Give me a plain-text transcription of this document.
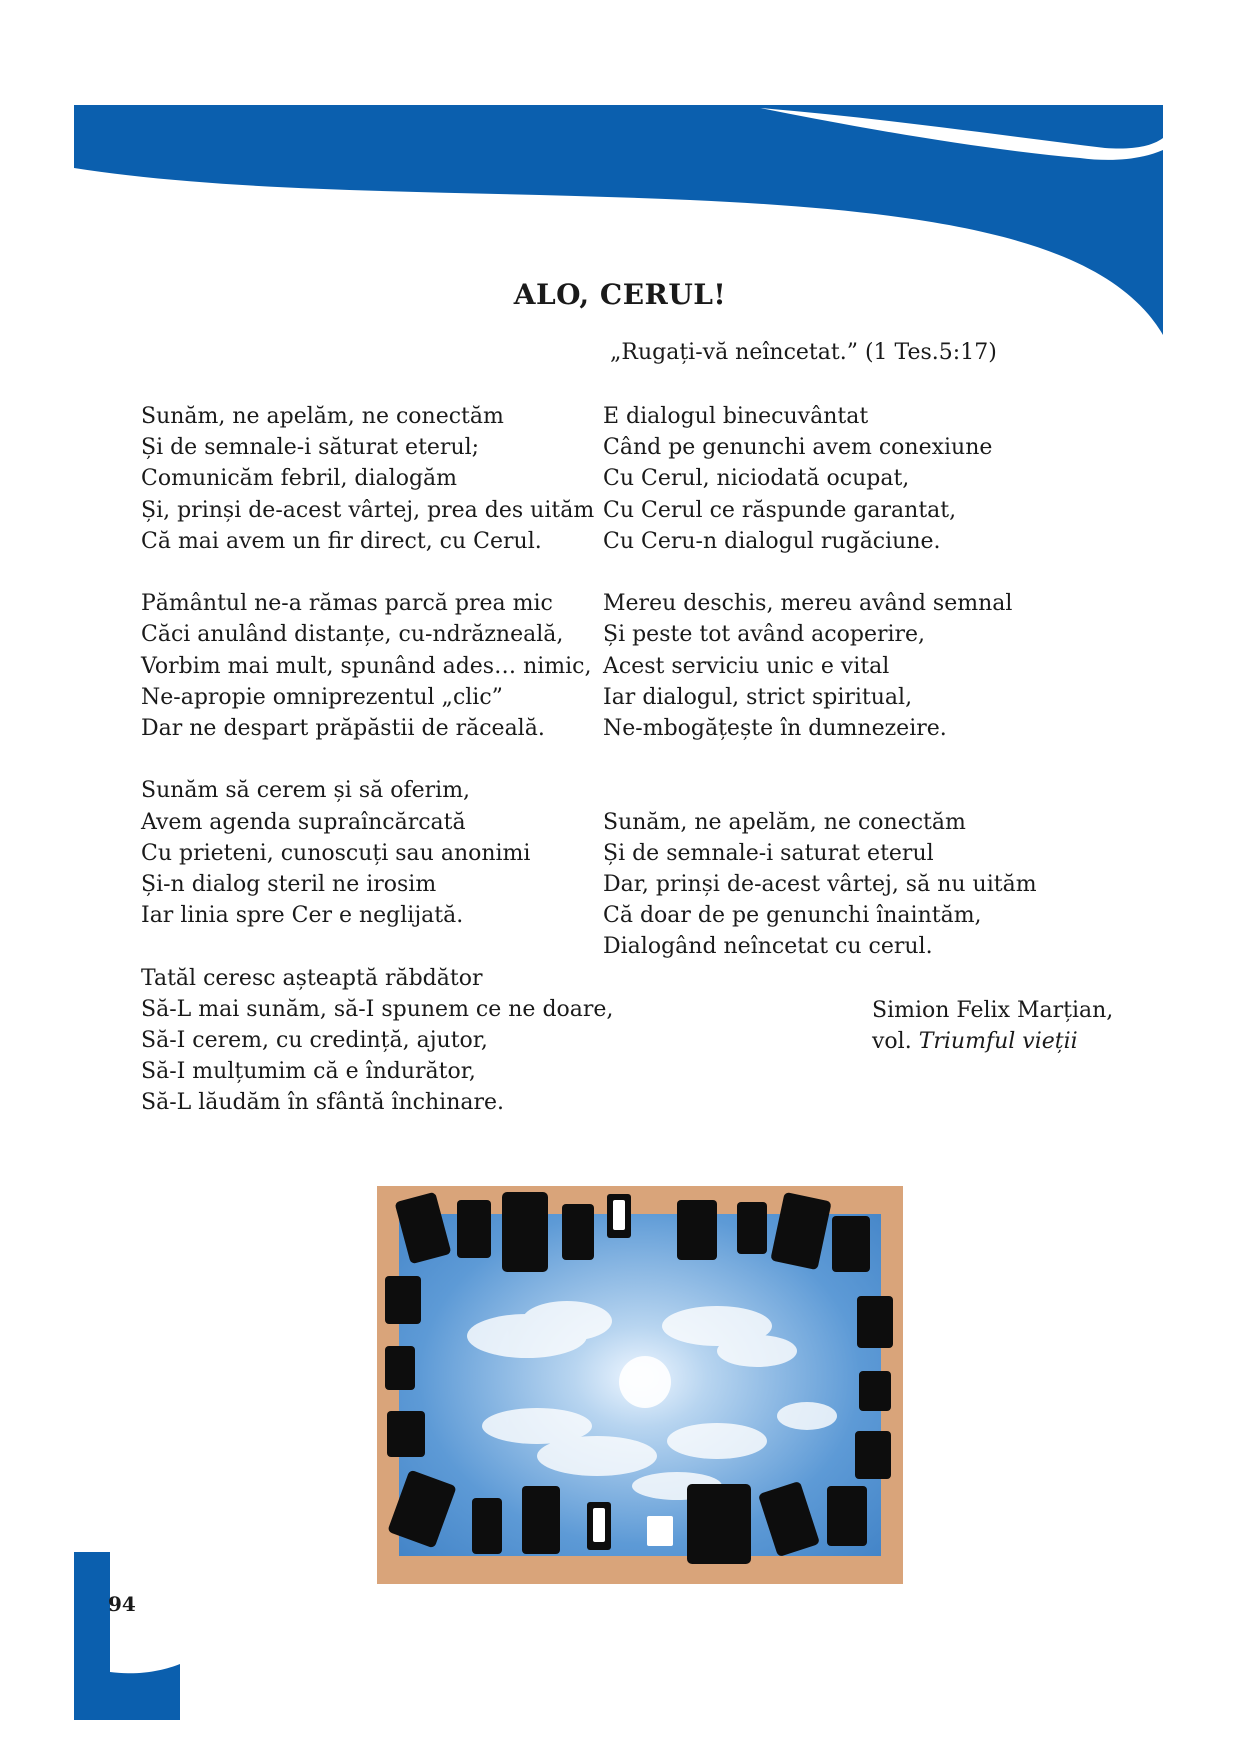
ALO, CERUL!
„Rugați-vă neîncetat.” (1 Tes.5:17)
Sunăm, ne apelăm, ne conectăm
Și de semnale-i săturat eterul;
Comunicăm febril, dialogăm
Și, prinși de-acest vârtej, prea des uităm
Că mai avem un fir direct, cu Cerul.
Pământul ne-a rămas parcă prea mic
Căci anulând distanțe, cu-ndrăzneală,
Vorbim mai mult, spunând ades… nimic,
Ne-apropie omniprezentul „clic”
Dar ne despart prăpăstii de răceală.
Sunăm să cerem și să oferim,
Avem agenda supraîncărcată
Cu prieteni, cunoscuți sau anonimi
Și-n dialog steril ne irosim
Iar linia spre Cer e neglijată.
Tatăl ceresc așteaptă răbdător
Să-L mai sunăm, să-I spunem ce ne doare,
Să-I cerem, cu credință, ajutor,
Să-I mulțumim că e îndurător,
Să-L lăudăm în sfântă închinare.
E dialogul binecuvântat
Când pe genunchi avem conexiune
Cu Cerul, niciodată ocupat,
Cu Cerul ce răspunde garantat,
Cu Ceru-n dialogul rugăciune.
Mereu deschis, mereu având semnal
Și peste tot având acoperire,
Acest serviciu unic e vital
Iar dialogul, strict spiritual,
Ne-mbogățește în dumnezeire.
Sunăm, ne apelăm, ne conectăm
Și de semnale-i saturat eterul
Dar, prinși de-acest vârtej, să nu uităm
Că doar de pe genunchi înaintăm,
Dialogând neîncetat cu cerul.
Simion Felix Marțian,
vol. Triumful vieții
94
